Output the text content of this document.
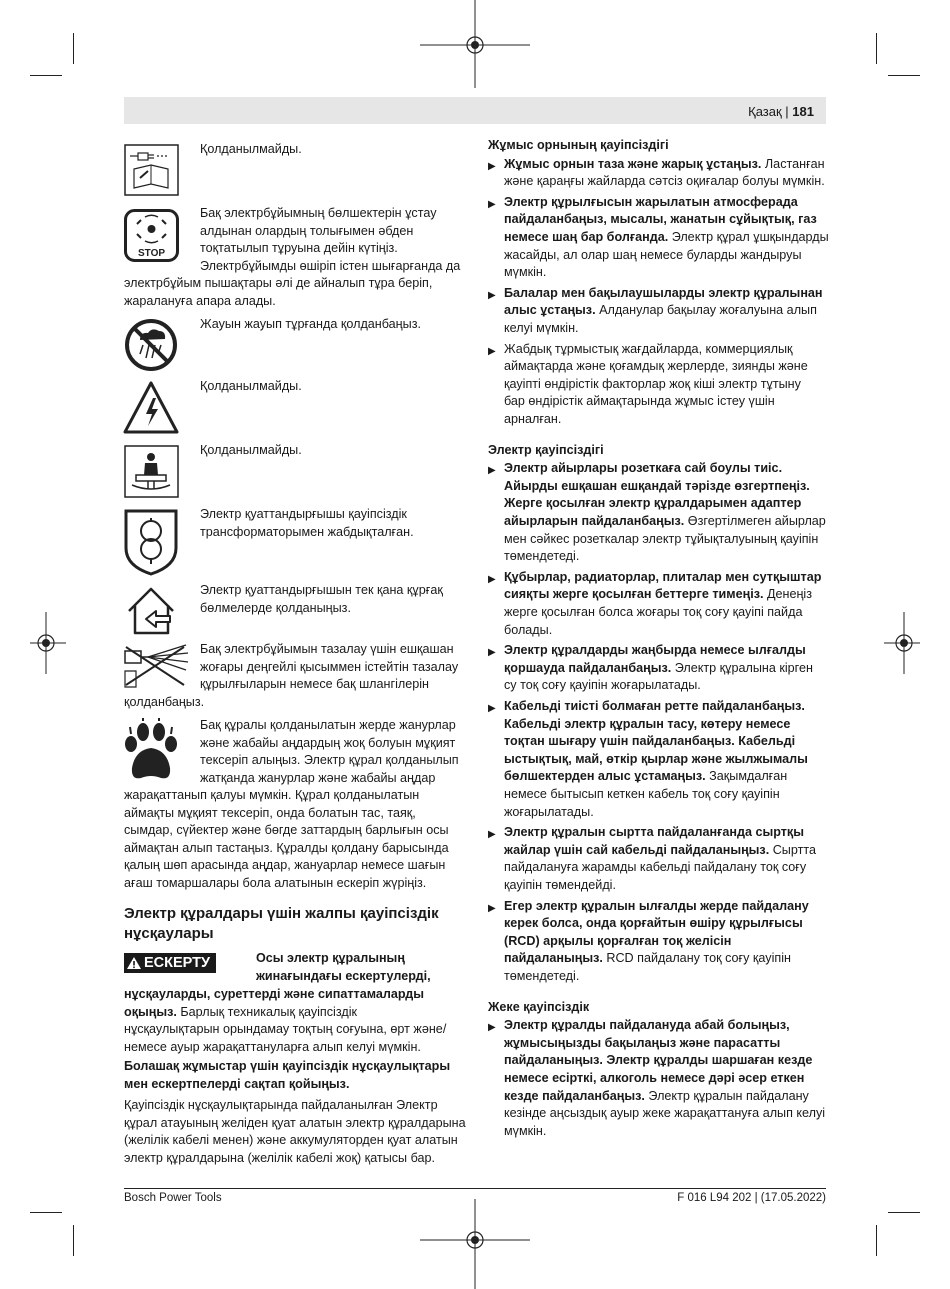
Қазақ | 181
STOP
Қолданылмайды.
Бақ электрбұйымның бөлшектерін ұстау
алдынан олардың толығымен әбден
тоқтатылып тұруына дейін күтіңіз.
Электрбұйымды өшіріп істен шығарғанда да
электрбұйым пышақтары әлі де айналып тұра беріп,
жаралануға апара алады.
Жауын жауып тұрғанда қолданбаңыз.
Қолданылмайды.
Қолданылмайды.
Электр қуаттандырғышы қауіпсіздік
трансформаторымен жабдықталған.
Электр қуаттандырғышын тек қана құрғақ
бөлмелерде қолданыңыз.
Бақ электрбұйымын тазалау үшін ешқашан
жоғары деңгейлі қысыммен істейтін тазалау
құрылғыларын немесе бақ шлангілерін
қолданбаңыз.
Бақ құралы қолданылатын жерде жанурлар
және жабайы аңдардың жоқ болуын мұқият
тексеріп алыңыз. Электр құрал қолданылып
жатқанда жанурлар және жабайы аңдар
жарақаттанып қалуы мүмкін. Құрал қолданылатын
аймақты мұқият тексеріп, онда болатын тас, таяқ,
сымдар, сүйектер және бөгде заттардың барлығын осы
аймақтан алып тастаңыз. Құралды қолдану барысында
қалың шөп арасында аңдар, жануарлар немесе шағын
ағаш томаршалары бола алатынын ескеріп жүріңіз.
Электр құралдары үшін жалпы қауіпсіздік
нұсқаулары
ЕСКЕРТУ	Осы электр құралының
жинағындағы ескертулерді,
нұсқауларды, суреттерді және сипаттамаларды
оқыңыз. Барлық техникалық қауіпсіздік
нұсқаулықтарын орындамау тоқтың соғуына, өрт және/
немесе ауыр жарақаттануларға алып келуі мүмкін.
Болашақ жұмыстар үшін қауіпсіздік нұсқаулықтары
мен ескертпелерді сақтап қойыңыз.
Қауіпсіздік нұсқаулықтарында пайдаланылған Электр
құрал атауының желіден қуат алатын электр құралдарына
(желілік кабелі менен) және аккумуляторден қуат алатын
электр құралдарына (желілік кабелі жоқ) қатысы бар.
Жұмыс орнының қауіпсіздігі
▶ Жұмыс орнын таза және жарық ұстаңыз. Ластанған
және қараңғы жайларда сәтсіз оқиғалар болуы мүмкін.
▶ Электр құрылғысын жарылатын атмосферада
пайдаланбаңыз, мысалы, жанатын сұйықтық, газ
немесе шаң бар болғанда. Электр құрал ұшқындарды
жасайды, ал олар шаң немесе буларды жандыруы
мүмкін.
▶ Балалар мен бақылаушыларды электр құралынан
алыс ұстаңыз. Алданулар бақылау жоғалуына алып
келуі мүмкін.
▶ Жабдық тұрмыстық жағдайларда, коммерциялық
аймақтарда және қоғамдық жерлерде, зиянды және
қауіпті өндірістік факторлар жоқ кіші электр тұтыну
бар өндірістік аймақтарында жұмыс істеу үшін
арналған.
Электр қауіпсіздігі
▶ Электр айырлары розеткаға сай боулы тиіс.
Айырды ешқашан ешқандай тәрізде өзгертпеңіз.
Жерге қосылған электр құралдарымен адаптер
айырларын пайдаланбаңыз. Өзгертілмеген айырлар
мен сәйкес розеткалар электр тұйықталуының қауіпін
төмендетеді.
▶ Құбырлар, радиаторлар, плиталар мен сутқыштар
сияқты жерге қосылған беттерге тимеңіз. Денеңіз
жерге қосылған болса жоғары тоқ соғу қауіпі пайда
болады.
▶ Электр құралдарды жаңбырда немесе ылғалды
қоршауда пайдаланбаңыз. Электр құралына кірген
су тоқ соғу қауіпін жоғарылатады.
▶ Кабельді тиісті болмаған ретте пайдаланбаңыз.
Кабельді электр құралын тасу, көтеру немесе
тоқтан шығару үшін пайдаланбаңыз. Кабельді
ыстықтық, май, өткір қырлар және жылжымалы
бөлшектерден алыс ұстамаңыз. Зақымдалған
немесе бытысып кеткен кабель тоқ соғу қауіпін
жоғарылатады.
▶ Электр құралын сыртта пайдаланғанда сыртқы
жайлар үшін сай кабельді пайдаланыңыз. Сыртта
пайдалануға жарамды кабельді пайдалану тоқ соғу
қауіпін төмендейді.
▶ Егер электр құралын ылғалды жерде пайдалану
керек болса, онда қорғайтын өшіру құрылғысы
(RCD) арқылы қорғалған тоқ желісін
пайдаланыңыз. RCD пайдалану тоқ соғу қауіпін
төмендетеді.
Жеке қауіпсіздік
▶ Электр құралды пайдалануда абай болыңыз,
жұмысыңызды бақылаңыз және парасатты
пайдаланыңыз. Электр құралды шаршаған кезде
немесе есірткі, алкоголь немесе дәрі әсер еткен
кезде пайдаланбаңыз. Электр құралын пайдалану
кезінде аңсыздық ауыр жеке жарақаттануға алып келуі
мүмкін.
Bosch Power Tools	F 016 L94 202 | (17.05.2022)
